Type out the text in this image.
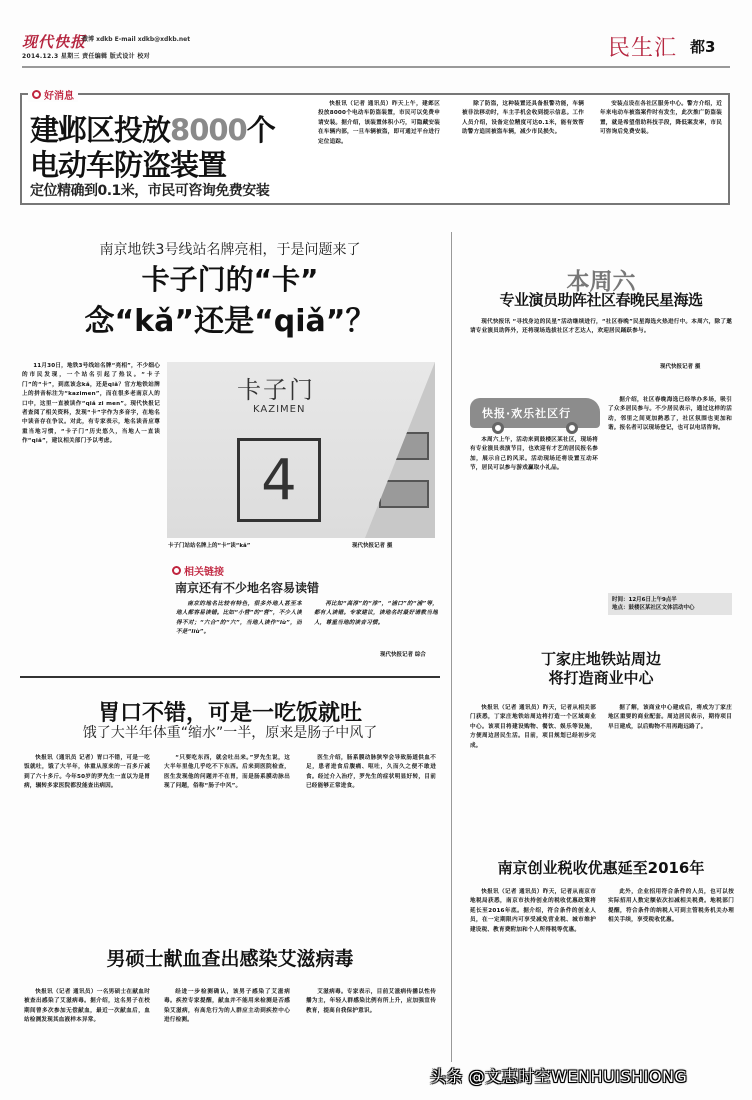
现代快报
微博 xdkb E-mail xdkb@xdkb.net
2014.12.3 星期三 责任编辑 版式设计 校对	民生汇 都3
好消息
建邺区投放8000个
电动车防盗装置
定位精确到0.1米，市民可咨询免费安装

快报讯（记者 通讯员）昨天上午，建邺区投放8000个电动车防盗装置，市民可以免费申请安装。据介绍，该装置体积小巧，可隐藏安装在车辆内部，一旦车辆被盗，即可通过平台进行定位追踪。

除了防盗，这种装置还具备报警功能，车辆被非法移动时，车主手机会收到提示信息。工作人员介绍，设备定位精度可达0.1米，能有效帮助警方追回被盗车辆，减少市民损失。

安装点设在各社区服务中心。警方介绍，近年来电动车被盗案件时有发生，此次推广防盗装置，就是希望借助科技手段，降低案发率，市民可咨询后免费安装。

南京地铁3号线站名牌亮相，于是问题来了
卡子门的“卡”
念“kǎ”还是“qiǎ”？

11月30日，地铁3号线站名牌“亮相”，不少细心的市民发现，一个站名引起了热议。“卡子门”的“卡”，到底该念kǎ，还是qiǎ？官方地铁站牌上的拼音标注为“kazimen”，而在很多老南京人的口中，这里一直被读作“qiǎ zi men”。现代快报记者查阅了相关资料，发现“卡”字作为多音字，在地名中读音存在争议。对此，有专家表示，地名读音应尊重当地习惯，“卡子门”历史悠久，当地人一直读作“qiǎ”，建议相关部门予以考虑。

卡子门
KAZIMEN
4
卡子门站站名牌上的“卡”读“kǎ”	现代快报记者 摄
相关链接
南京还有不少地名容易读错

南京的地名比较有特色，很多外地人甚至本地人都容易读错。比如“小营”的“营”，不少人读得不对；“六合”的“六”，当地人读作“lù”，而不是“liù”。

再比如“高淳”的“淳”，“浦口”的“浦”等，都有人读错。专家建议，读地名时最好请教当地人，尊重当地的读音习惯。

现代快报记者 综合
本周六
专业演员助阵社区春晚民星海选

现代快报讯 “寻找身边的民星”活动继续进行，“社区春晚”民星海选火热进行中。本周六，除了邀请专业演员助阵外，还将现场选拔社区才艺达人，欢迎居民踊跃参与。

现代快报记者 摄
快报·欢乐社区行

本周六上午，活动来到鼓楼区某社区，现场将有专业演员表演节目，也欢迎有才艺的居民报名参加，展示自己的风采。活动现场还将设置互动环节，居民可以参与游戏赢取小礼品。

据介绍，社区春晚海选已经举办多场，吸引了众多居民参与。不少居民表示，通过这样的活动，邻里之间更加熟悉了，社区氛围也更加和谐。报名者可以现场登记，也可以电话咨询。

时间：12月6日上午9点半
地点：鼓楼区某社区文体活动中心
丁家庄地铁站周边
将打造商业中心

快报讯（记者 通讯员）昨天，记者从相关部门获悉，丁家庄地铁站周边将打造一个区域商业中心。该项目将建设购物、餐饮、娱乐等设施，方便周边居民生活。目前，项目规划已经初步完成。

据了解，该商业中心建成后，将成为丁家庄地区重要的商业配套。周边居民表示，期待项目早日建成，以后购物不用再跑远路了。

胃口不错，可是一吃饭就吐
饿了大半年体重“缩水”一半，原来是肠子中风了

快报讯（通讯员 记者）胃口不错，可是一吃饭就吐，饿了大半年，体重从原来的一百多斤减到了六十多斤。今年50岁的罗先生一直以为是胃病，辗转多家医院都没能查出病因。

“只要吃东西，就会吐出来。”罗先生说，这大半年里他几乎吃不下东西。后来到医院检查，医生发现他的问题并不在胃，而是肠系膜动脉出现了问题，俗称“肠子中风”。

医生介绍，肠系膜动脉狭窄会导致肠道供血不足，患者进食后腹痛、呕吐，久而久之便不敢进食。经过介入治疗，罗先生的症状明显好转，目前已经能够正常进食。

男硕士献血查出感染艾滋病毒

快报讯（记者 通讯员）一名男硕士在献血时被查出感染了艾滋病毒。据介绍，这名男子在校期间曾多次参加无偿献血，最近一次献血后，血站检测发现其血液样本异常。

经进一步检测确认，该男子感染了艾滋病毒。疾控专家提醒，献血并不能用来检测是否感染艾滋病，有高危行为的人群应主动到疾控中心进行检测。

艾滋病毒。专家表示，目前艾滋病传播以性传播为主，年轻人群感染比例有所上升，应加强宣传教育，提高自我保护意识。

南京创业税收优惠延至2016年

快报讯（记者 通讯员）昨天，记者从南京市地税局获悉，南京市扶持创业的税收优惠政策将延长至2016年底。据介绍，符合条件的创业人员，在一定期限内可享受减免营业税、城市维护建设税、教育费附加和个人所得税等优惠。

此外，企业招用符合条件的人员，也可以按实际招用人数定额依次扣减相关税费。地税部门提醒，符合条件的纳税人可到主管税务机关办理相关手续，享受税收优惠。

头条 @文惠时空WENHUISHIONG
